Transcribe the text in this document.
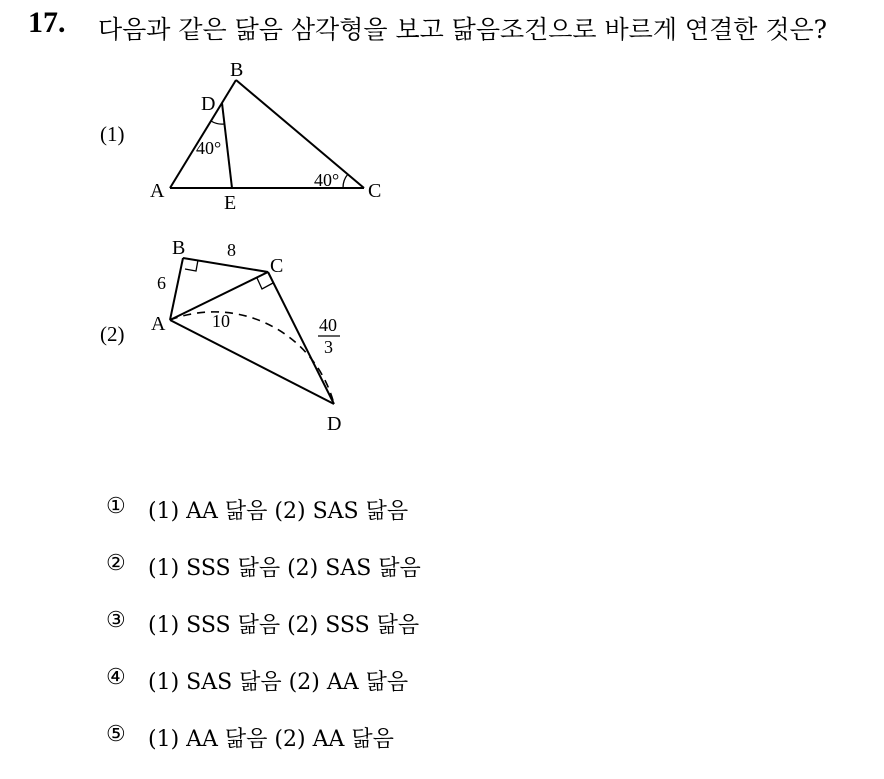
17. 다음과 같은 닮음 삼각형을 보고 닮음조건으로 바르게 연결한 것은?
(1)
B
D
A
E
C
40°
40°
(2)
B
C
A
D
6
8
10	40
3
①	(1) AA 닮음 (2) SAS 닮음
②	(1) SSS 닮음 (2) SAS 닮음
③	(1) SSS 닮음 (2) SSS 닮음
④	(1) SAS 닮음 (2) AA 닮음
⑤	(1) AA 닮음 (2) AA 닮음
